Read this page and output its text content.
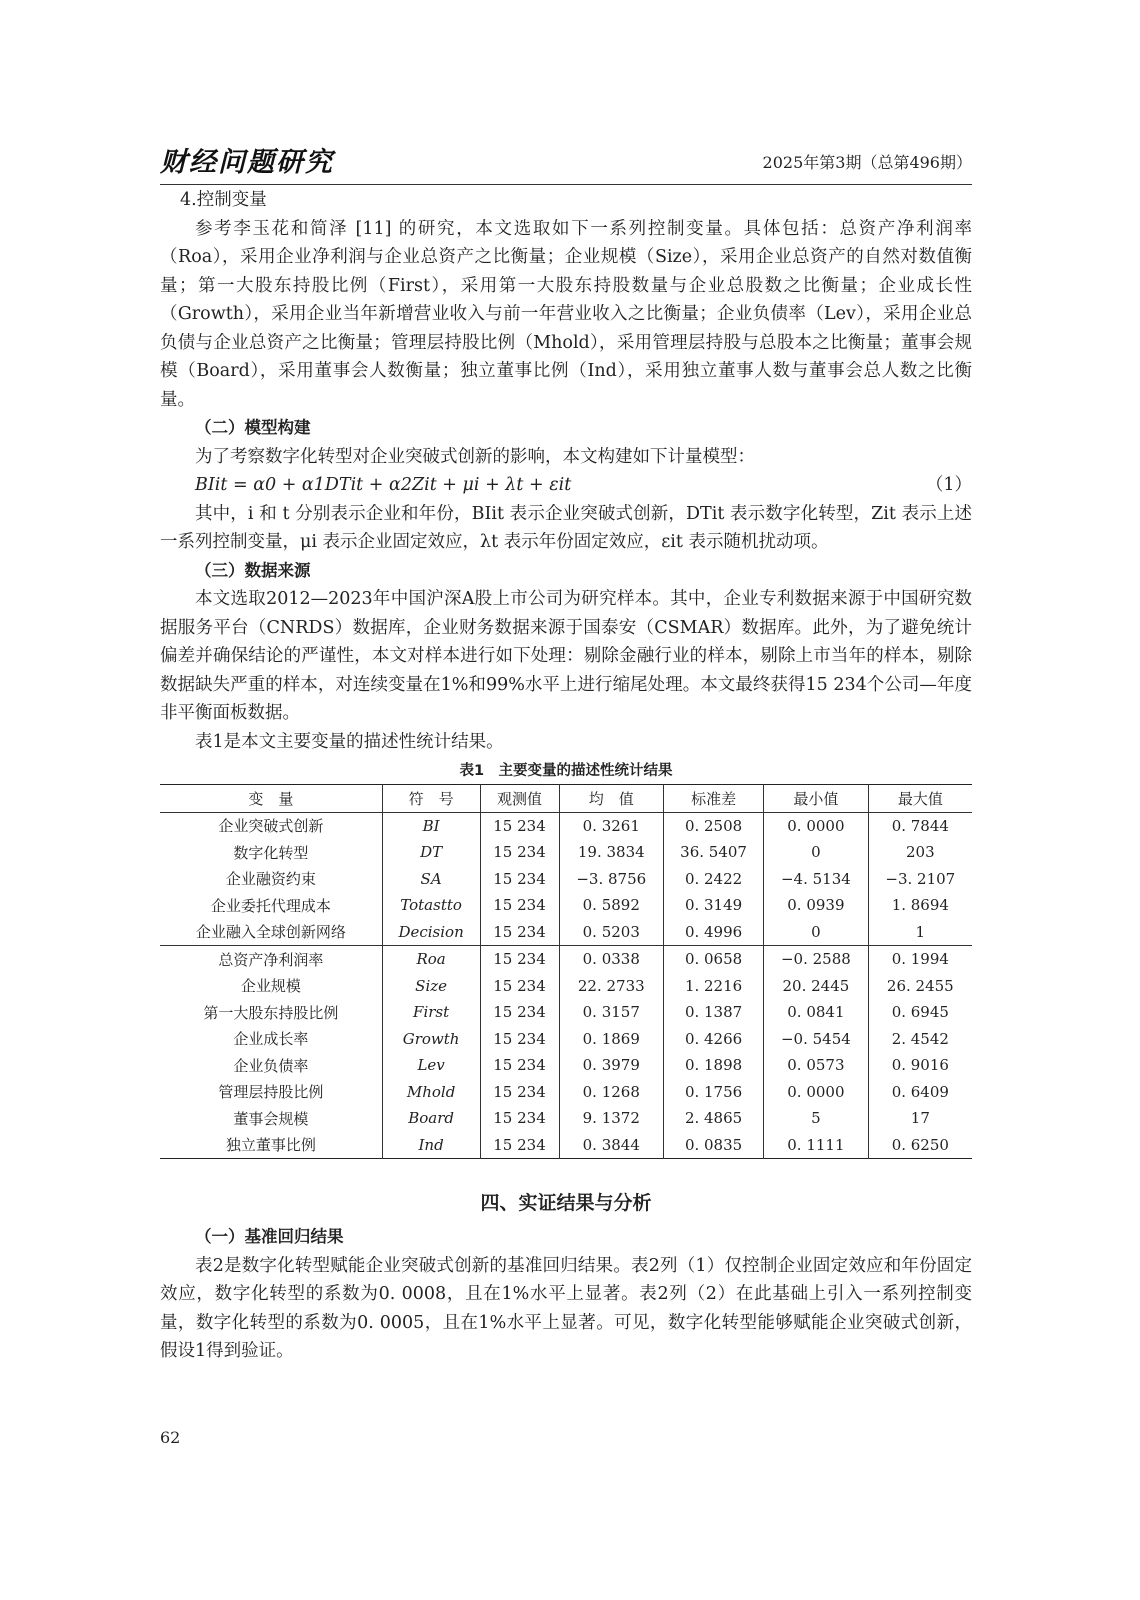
财经问题研究	2025年第3期（总第496期）
4.控制变量

参考李玉花和简泽 [11] 的研究，本文选取如下一系列控制变量。具体包括：总资产净利润率（Roa），采用企业净利润与企业总资产之比衡量；企业规模（Size），采用企业总资产的自然对数值衡量；第一大股东持股比例（First），采用第一大股东持股数量与企业总股数之比衡量；企业成长性（Growth），采用企业当年新增营业收入与前一年营业收入之比衡量；企业负债率（Lev），采用企业总负债与企业总资产之比衡量；管理层持股比例（Mhold），采用管理层持股与总股本之比衡量；董事会规模（Board），采用董事会人数衡量；独立董事比例（Ind），采用独立董事人数与董事会总人数之比衡量。

（二）模型构建

为了考察数字化转型对企业突破式创新的影响，本文构建如下计量模型：

BIit = α0 + α1DTit + α2Zit + μi + λt + εit	（1）

其中，i 和 t 分别表示企业和年份，BIit 表示企业突破式创新，DTit 表示数字化转型，Zit 表示上述一系列控制变量，μi 表示企业固定效应，λt 表示年份固定效应，εit 表示随机扰动项。

（三）数据来源

本文选取2012—2023年中国沪深A股上市公司为研究样本。其中，企业专利数据来源于中国研究数据服务平台（CNRDS）数据库，企业财务数据来源于国泰安（CSMAR）数据库。此外，为了避免统计偏差并确保结论的严谨性，本文对样本进行如下处理：剔除金融行业的样本，剔除上市当年的样本，剔除数据缺失严重的样本，对连续变量在1%和99%水平上进行缩尾处理。本文最终获得15 234个公司—年度非平衡面板数据。

表1是本文主要变量的描述性统计结果。

表1　主要变量的描述性统计结果
变　量	符　号	观测值	均　值	标准差	最小值	最大值
企业突破式创新	BI	15 234	0. 3261	0. 2508	0. 0000	0. 7844
数字化转型	DT	15 234	19. 3834	36. 5407	0	203
企业融资约束	SA	15 234	−3. 8756	0. 2422	−4. 5134	−3. 2107
企业委托代理成本	Totastto	15 234	0. 5892	0. 3149	0. 0939	1. 8694
企业融入全球创新网络	Decision	15 234	0. 5203	0. 4996	0	1
总资产净利润率	Roa	15 234	0. 0338	0. 0658	−0. 2588	0. 1994
企业规模	Size	15 234	22. 2733	1. 2216	20. 2445	26. 2455
第一大股东持股比例	First	15 234	0. 3157	0. 1387	0. 0841	0. 6945
企业成长率	Growth	15 234	0. 1869	0. 4266	−0. 5454	2. 4542
企业负债率	Lev	15 234	0. 3979	0. 1898	0. 0573	0. 9016
管理层持股比例	Mhold	15 234	0. 1268	0. 1756	0. 0000	0. 6409
董事会规模	Board	15 234	9. 1372	2. 4865	5	17
独立董事比例	Ind	15 234	0. 3844	0. 0835	0. 1111	0. 6250
四、实证结果与分析
（一）基准回归结果

表2是数字化转型赋能企业突破式创新的基准回归结果。表2列（1）仅控制企业固定效应和年份固定效应，数字化转型的系数为0. 0008，且在1%水平上显著。表2列（2）在此基础上引入一系列控制变量，数字化转型的系数为0. 0005，且在1%水平上显著。可见，数字化转型能够赋能企业突破式创新，假设1得到验证。

62
